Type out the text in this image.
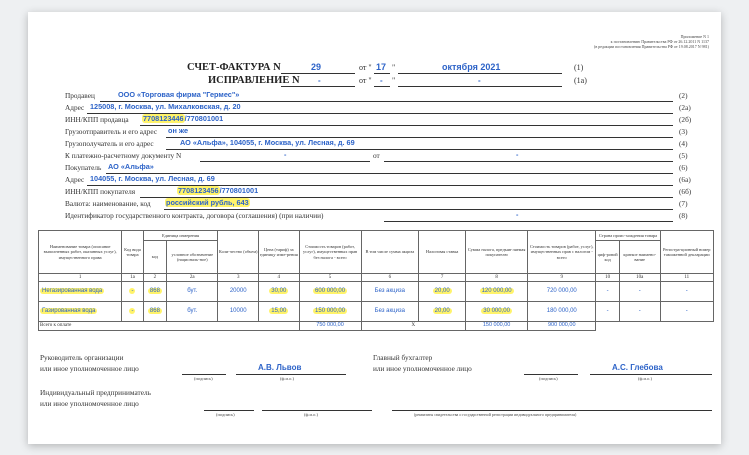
Приложение N 1
к постановлению Правительства РФ от 26.12.2011 N 1137
(в редакции постановления Правительства РФ от 19.08.2017 N 981)
СЧЕТ-ФАКТУРА N	29	от " 17 "	октября 2021	(1)
ИСПРАВЛЕНИЕ N -	от " - "	-	(1а)
Продавец	ООО «Торговая фирма "Гермес"»	(2)
Адрес 125008, г. Москва, ул. Михалковская, д. 20	(2а)
ИНН/КПП продавца 7708123446/770801001	(2б)
Грузоотправитель и его адрес он же	(3)
Грузополучатель и его адрес	АО «Альфа», 104055, г. Москва, ул. Лесная, д. 69	(4)
К платежно-расчетному документу N	-	от	-	(5)
Покупатель АО «Альфа»	(6)
Адрес 104055, г. Москва, ул. Лесная, д. 69	(6а)
ИНН/КПП покупателя	7708123456/770801001	(6б)
Валюта: наименование, код российский рубль, 643	(7)
Идентификатор государственного контракта, договора (соглашения) (при наличии)	-	(8)
Наименование товара (описание выполненных работ, оказанных услуг), имущественного права	Код вида товара	Единица измерения		Коли-чество (объем)	Цена (тариф) за единицу изме-рения	Стоимость товаров (работ, услуг), имущественных прав без налога - всего	В том числе сумма акциза	Налоговая ставка	Сумма налога, предъяв-ляемая покупателю	Стоимость товаров (работ, услуг), имущественных прав с налогом - всего	Страна проис-хождения товара		Регистра-ционный номер таможенной декларации
		код	условное обозначение (националь-ное)								циф-ровой код	краткое наимено-вание	
1	1а	2	2а	3	4	5	6	7	8	9	10	10а	11
Негазированная вода	-	868	бут.	20000	30,00	600 000,00	Без акциза	20,00	120 000,00	720 000,00	-	-	-
Газированная вода	-	868	бут.	10000	15,00	150 000,00	Без акциза	20,00	30 000,00	180 000,00	-	-	-
Всего к оплате						750 000,00	X		150 000,00	900 000,00			
Руководитель организации
или иное уполномоченное лицо	А.В. Львов
(подпись)	(ф.и.о.)
Главный бухгалтер
или иное уполномоченное лицо	А.С. Глебова
(подпись)	(ф.и.о.)
Индивидуальный предприниматель
или иное уполномоченное лицо
(подпись)	(ф.и.о.)	(реквизиты свидетельства о государственной регистрации индивидуального предпринимателя)
